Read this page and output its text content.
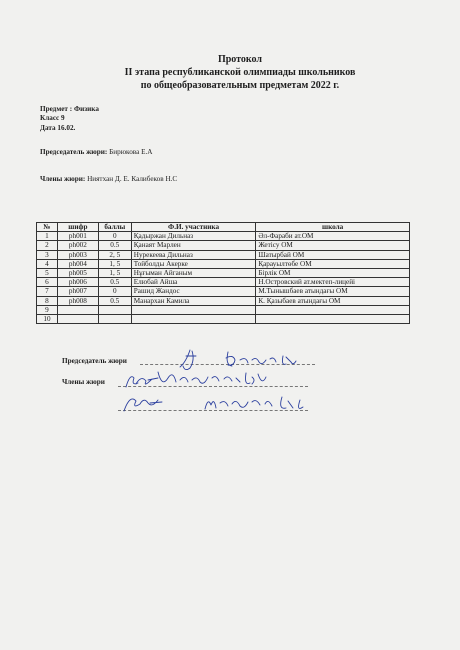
Протокол
II этапа республиканской олимпиады школьников
по общеобразовательным предметам 2022 г.
Предмет : Физика
Класс 9
Дата 16.02.
Председатель жюри: Бирюкова Е.А
Члены жюри: Ниятхан Д. Е. Калибеков Н.С
№	шифр	баллы	Ф.И. участника	школа
1	ph001	0	Қадыржан Дильназ	Әл-Фараби ат.ОМ
2	ph002	0.5	Қанаят Марлен	Жетісу ОМ
3	ph003	2, 5	Нурекеева Дильназ	Шатырбай ОМ
4	ph004	1, 5	Тойболды Акерке	Қарауылтөбе ОМ
5	ph005	1, 5	Нұғыман Айганым	Бірлік ОМ
6	ph006	0.5	Елюбай Айша	Н.Островский ат.мектеп-лицейі
7	ph007	0	Рашид Жандос	М.Тынышбаев атындағы ОМ
8	ph008	0.5	Манархан Камила	К. Қазыбаев атындағы ОМ
9				
10				
Председатель жюри
Члены жюри
